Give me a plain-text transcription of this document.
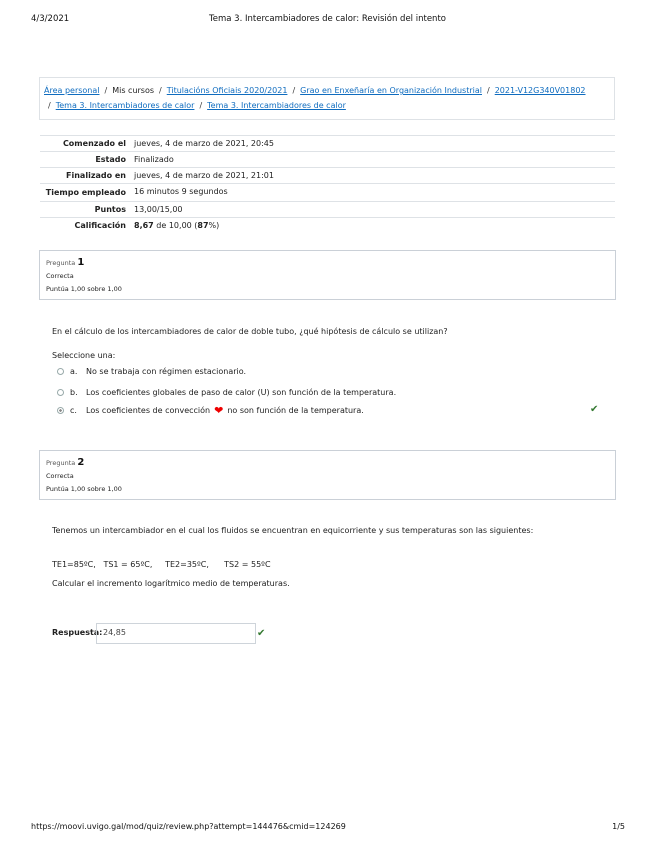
4/3/2021	Tema 3. Intercambiadores de calor: Revisión del intento
Área personal / Mis cursos / Titulacións Oficiais 2020/2021 / Grao en Enxeñaría en Organización Industrial / 2021-V12G340V01802
/ Tema 3. Intercambiadores de calor / Tema 3. Intercambiadores de calor
Comenzado el	jueves, 4 de marzo de 2021, 20:45
Estado	Finalizado
Finalizado en	jueves, 4 de marzo de 2021, 21:01
Tiempo empleado	16 minutos 9 segundos
Puntos	13,00/15,00
Calificación	8,67 de 10,00 (87%)
Pregunta 1
Correcta
Puntúa 1,00 sobre 1,00
En el cálculo de los intercambiadores de calor de doble tubo, ¿qué hipótesis de cálculo se utilizan?
Seleccione una:
a.	No se trabaja con régimen estacionario.
b.	Los coeficientes globales de paso de calor (U) son función de la temperatura.
c.	Los coeficientes de convección ❤ no son función de la temperatura.	✔
Pregunta 2
Correcta
Puntúa 1,00 sobre 1,00
Tenemos un intercambiador en el cual los fluidos se encuentran en equicorriente y sus temperaturas son las siguientes:
TE1=85ºC,   TS1 = 65ºC,     TE2=35ºC,      TS2 = 55ºC
Calcular el incremento logarítmico medio de temperaturas.
Respuesta: 24,85	✔
https://moovi.uvigo.gal/mod/quiz/review.php?attempt=144476&cmid=124269	1/5
